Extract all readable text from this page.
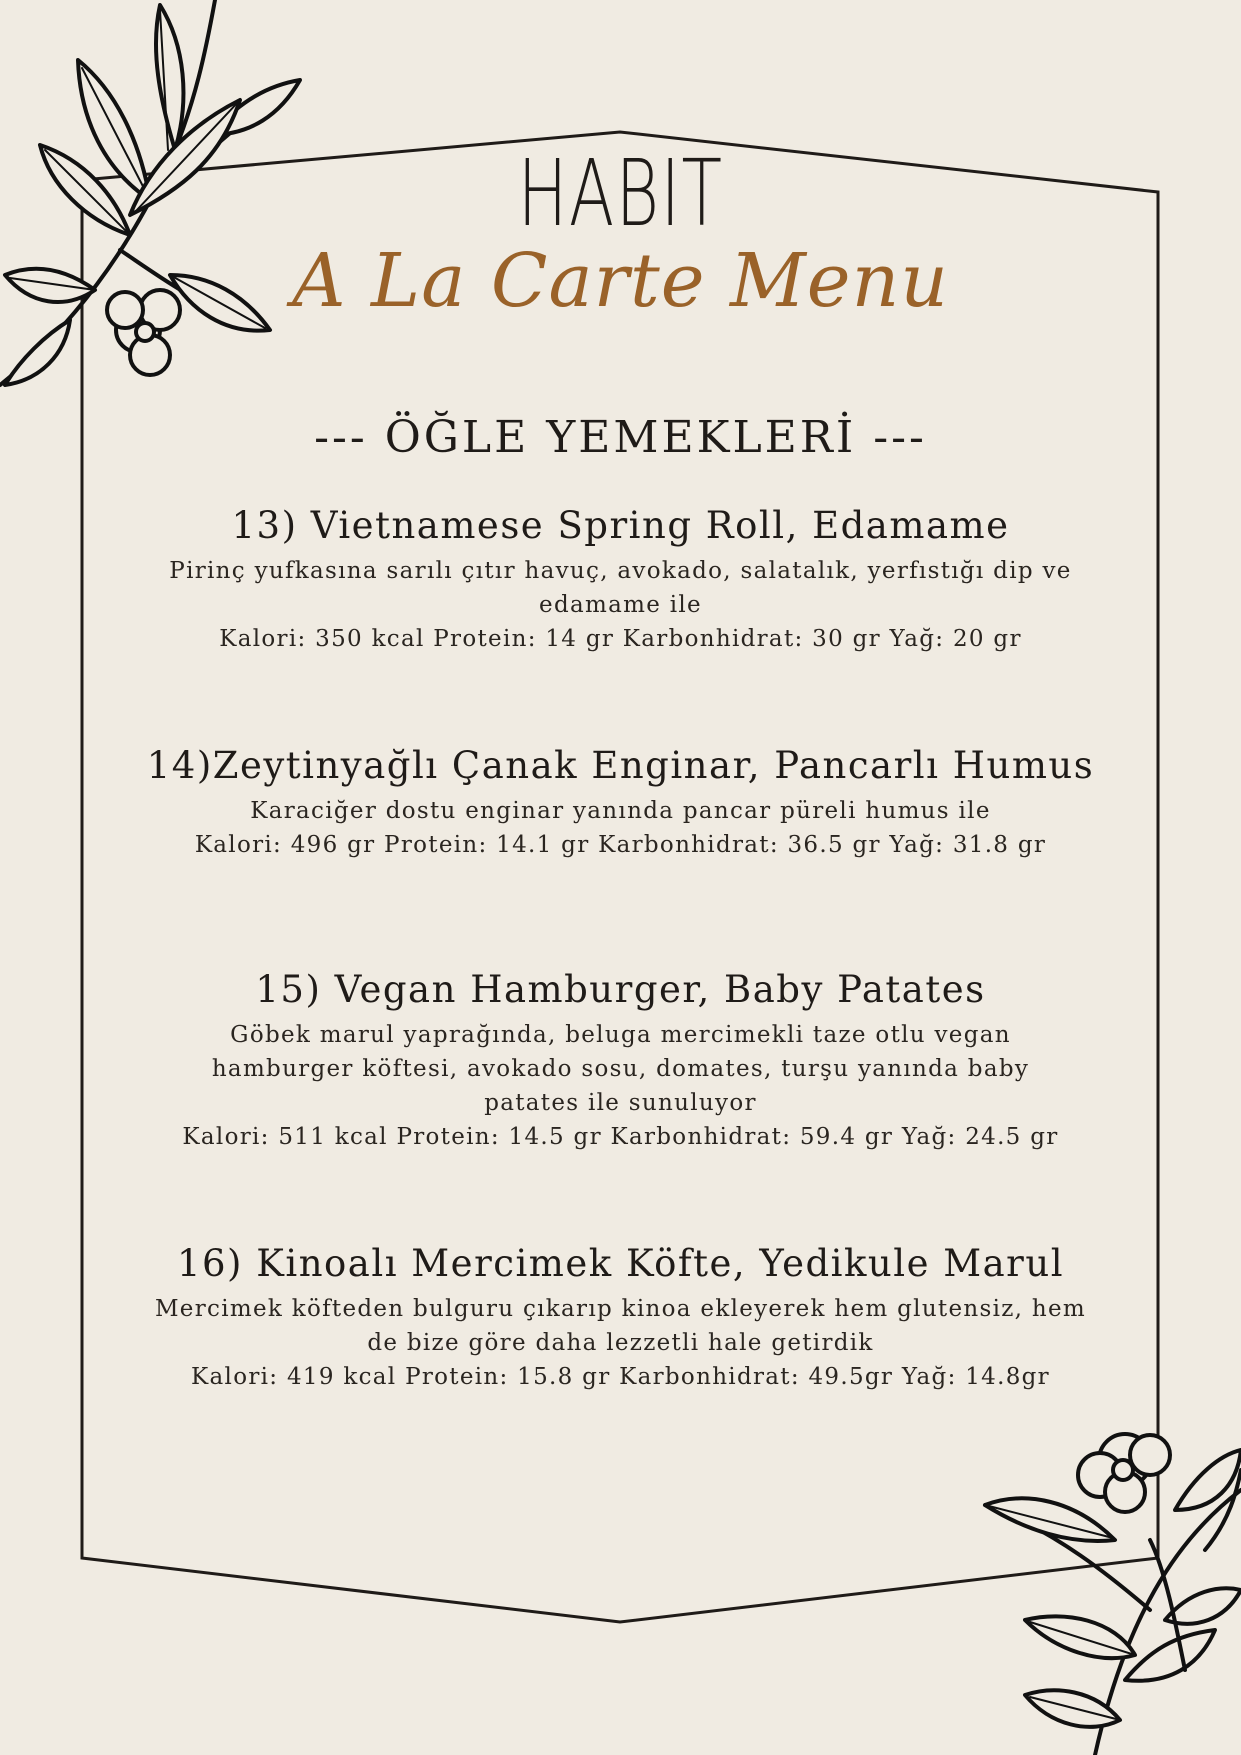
HABIT
A La Carte Menu
--- ÖĞLE YEMEKLERİ ---
13) Vietnamese Spring Roll, Edamame

Pirinç yufkasına sarılı çıtır havuç, avokado, salatalık, yerfıstığı dip ve edamame ile

Kalori: 350 kcal Protein: 14 gr Karbonhidrat: 30 gr Yağ: 20 gr

14)Zeytinyağlı Çanak Enginar, Pancarlı Humus

Karaciğer dostu enginar yanında pancar püreli humus ile

Kalori: 496 gr Protein: 14.1 gr Karbonhidrat: 36.5 gr Yağ: 31.8 gr

15) Vegan Hamburger, Baby Patates

Göbek marul yaprağında, beluga mercimekli taze otlu vegan hamburger köftesi, avokado sosu, domates, turşu yanında baby patates ile sunuluyor

Kalori: 511 kcal Protein: 14.5 gr Karbonhidrat: 59.4 gr Yağ: 24.5 gr

16) Kinoalı Mercimek Köfte, Yedikule Marul

Mercimek köfteden bulguru çıkarıp kinoa ekleyerek hem glutensiz, hem de bize göre daha lezzetli hale getirdik

Kalori: 419 kcal Protein: 15.8 gr Karbonhidrat: 49.5gr Yağ: 14.8gr
